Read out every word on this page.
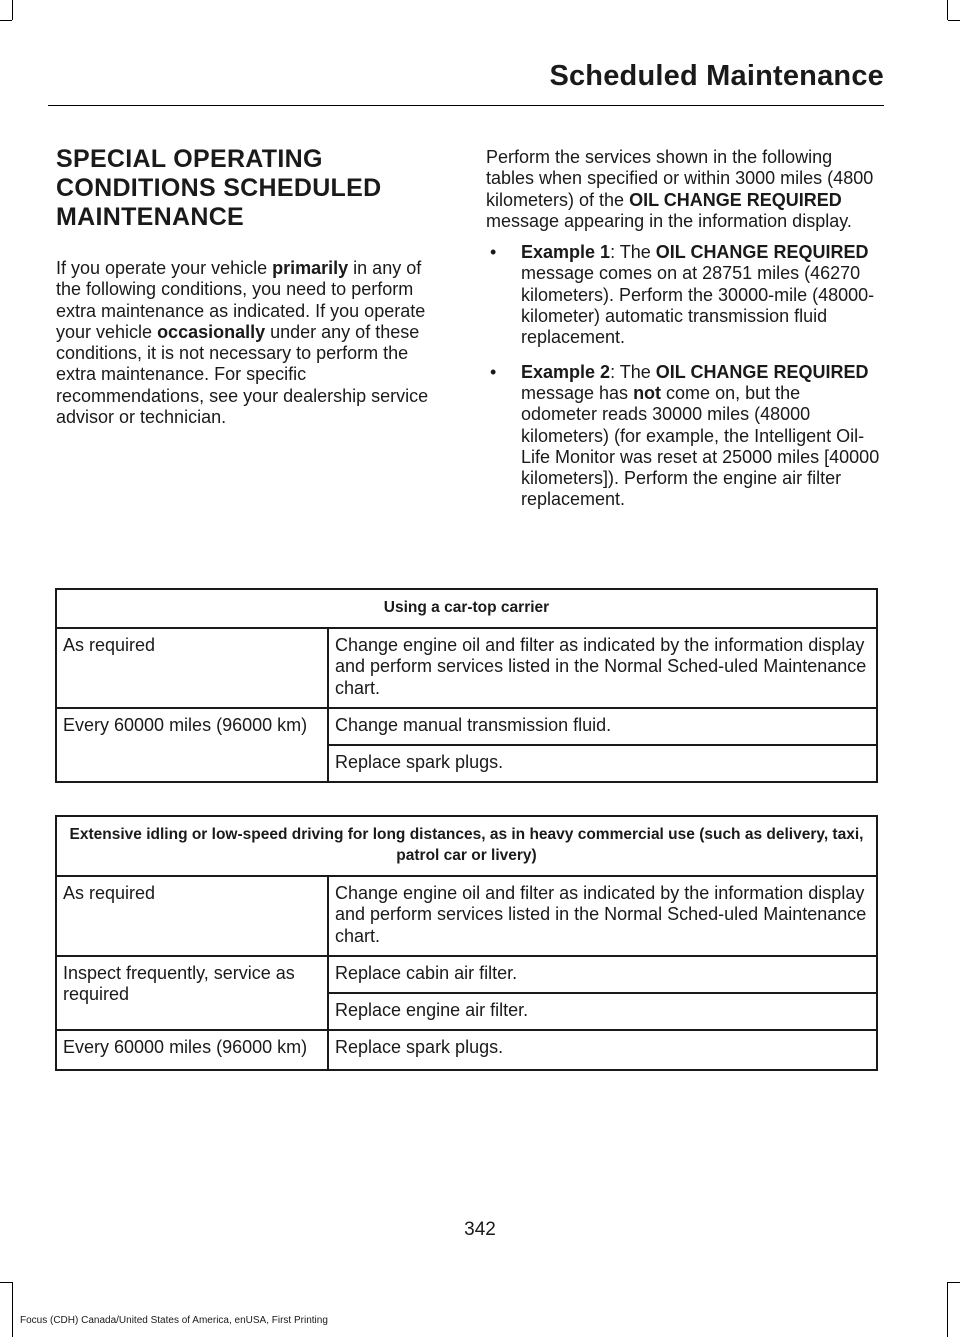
Scheduled Maintenance
SPECIAL OPERATING
CONDITIONS SCHEDULED
MAINTENANCE

If you operate your vehicle primarily in any of the following conditions, you need to perform extra maintenance as indicated. If you operate your vehicle occasionally under any of these conditions, it is not necessary to perform the extra maintenance. For specific recommendations, see your dealership service advisor or technician.

Perform the services shown in the following tables when specified or within 3000 miles (4800 kilometers) of the OIL CHANGE REQUIRED message appearing in the information display.

• Example 1: The OIL CHANGE REQUIRED message comes on at 28751 miles (46270 kilometers). Perform the 30000-mile (48000-kilometer) automatic transmission fluid replacement.
• Example 2: The OIL CHANGE REQUIRED message has not come on, but the odometer reads 30000 miles (48000 kilometers) (for example, the Intelligent Oil-Life Monitor was reset at 25000 miles [40000 kilometers]). Perform the engine air filter replacement.
Using a car-top carrier	
As required	Change engine oil and filter as indicated by the information display and perform services listed in the Normal Sched-uled Maintenance chart.
Every 60000 miles (96000 km)	Change manual transmission fluid.
	Replace spark plugs.
Extensive idling or low-speed driving for long distances, as in heavy commercial use (such as delivery, taxi, patrol car or livery)	
As required	Change engine oil and filter as indicated by the information display and perform services listed in the Normal Sched-uled Maintenance chart.
Inspect frequently, service as required	Replace cabin air filter.
	Replace engine air filter.
Every 60000 miles (96000 km)	Replace spark plugs.
342
Focus (CDH) Canada/United States of America, enUSA, First Printing
